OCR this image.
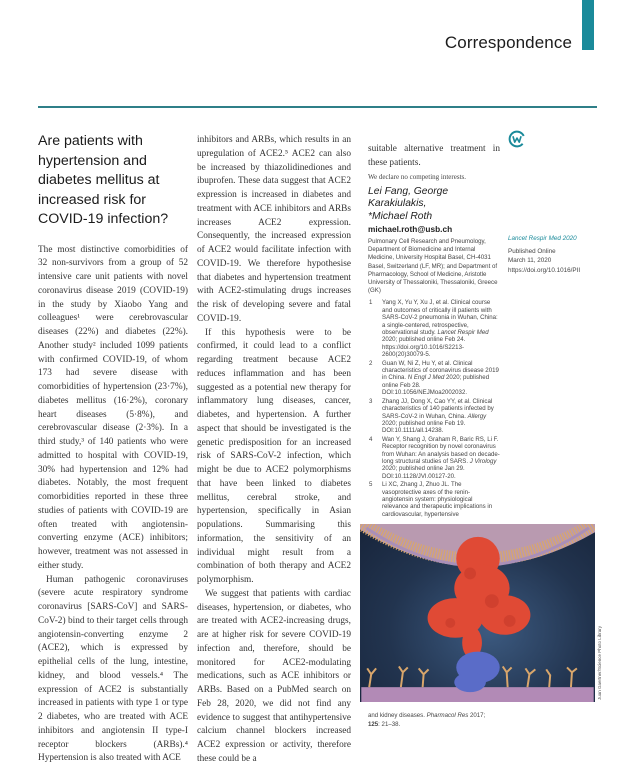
Correspondence
Are patients with hypertension and diabetes mellitus at increased risk for COVID-19 infection?

The most distinctive comorbidities of 32 non-survivors from a group of 52 intensive care unit patients with novel coronavirus disease 2019 (COVID-19) in the study by Xiaobo Yang and colleagues¹ were cerebrovascular diseases (22%) and diabetes (22%). Another study² included 1099 patients with confirmed COVID-19, of whom 173 had severe disease with comorbidities of hypertension (23·7%), diabetes mellitus (16·2%), coronary heart diseases (5·8%), and cerebrovascular disease (2·3%). In a third study,³ of 140 patients who were admitted to hospital with COVID-19, 30% had hypertension and 12% had diabetes. Notably, the most frequent comorbidities reported in these three studies of patients with COVID-19 are often treated with angiotensin-converting enzyme (ACE) inhibitors; however, treatment was not assessed in either study.

Human pathogenic coronaviruses (severe acute respiratory syndrome coronavirus [SARS-CoV] and SARS-CoV-2) bind to their target cells through angiotensin-converting enzyme 2 (ACE2), which is expressed by epithelial cells of the lung, intestine, kidney, and blood vessels.⁴ The expression of ACE2 is substantially increased in patients with type 1 or type 2 diabetes, who are treated with ACE inhibitors and angiotensin II type-I receptor blockers (ARBs).⁴ Hypertension is also treated with ACE

inhibitors and ARBs, which results in an upregulation of ACE2.⁵ ACE2 can also be increased by thiazolidinediones and ibuprofen. These data suggest that ACE2 expression is increased in diabetes and treatment with ACE inhibitors and ARBs increases ACE2 expression. Consequently, the increased expression of ACE2 would facilitate infection with COVID-19. We therefore hypothesise that diabetes and hypertension treatment with ACE2-stimulating drugs increases the risk of developing severe and fatal COVID-19.

If this hypothesis were to be confirmed, it could lead to a conflict regarding treatment because ACE2 reduces inflammation and has been suggested as a potential new therapy for inflammatory lung diseases, cancer, diabetes, and hypertension. A further aspect that should be investigated is the genetic predisposition for an increased risk of SARS-CoV-2 infection, which might be due to ACE2 polymorphisms that have been linked to diabetes mellitus, cerebral stroke, and hypertension, specifically in Asian populations. Summarising this information, the sensitivity of an individual might result from a combination of both therapy and ACE2 polymorphism.

We suggest that patients with cardiac diseases, hypertension, or diabetes, who are treated with ACE2-increasing drugs, are at higher risk for severe COVID-19 infection and, therefore, should be monitored for ACE2-modulating medications, such as ACE inhibitors or ARBs. Based on a PubMed search on Feb 28, 2020, we did not find any evidence to suggest that antihypertensive calcium channel blockers increased ACE2 expression or activity, therefore these could be a

suitable alternative treatment in these patients.

We declare no competing interests.

Lei Fang, George Karakiulakis,

*Michael Roth

michael.roth@usb.ch

Pulmonary Cell Research and Pneumology, Department of Biomedicine and Internal Medicine, University Hospital Basel, CH-4031 Basel, Switzerland (LF, MR); and Department of Pharmacology, School of Medicine, Aristotle University of Thessaloniki, Thessaloniki, Greece (GK)

1 Yang X, Yu Y, Xu J, et al. Clinical course and outcomes of critically ill patients with SARS-CoV-2 pneumonia in Wuhan, China: a single-centered, retrospective, observational study. Lancet Respir Med 2020; published online Feb 24. https://doi.org/10.1016/S2213-2600(20)30079-5.
2 Guan W, Ni Z, Hu Y, et al. Clinical characteristics of coronavirus disease 2019 in China. N Engl J Med 2020; published online Feb 28. DOI:10.1056/NEJMoa2002032.
3 Zhang JJ, Dong X, Cao YY, et al. Clinical characteristics of 140 patients infected by SARS-CoV-2 in Wuhan, China. Allergy 2020; published online Feb 19. DOI:10.1111/all.14238.
4 Wan Y, Shang J, Graham R, Baric RS, Li F. Receptor recognition by novel coronavirus from Wuhan: An analysis based on decade-long structural studies of SARS. J Virology 2020; published online Jan 29. DOI:10.1128/JVI.00127-20.
5 Li XC, Zhang J, Zhuo JL. The vasoprotective axes of the renin-angiotensin system: physiological relevance and therapeutic implications in cardiovascular, hypertensive
Lancet Respir Med 2020
Published Online
March 11, 2020
https://doi.org/10.1016/PII
Juan Gaertner/Science Photo Library
and kidney diseases. Pharmacol Res 2017;
125: 21–38.
